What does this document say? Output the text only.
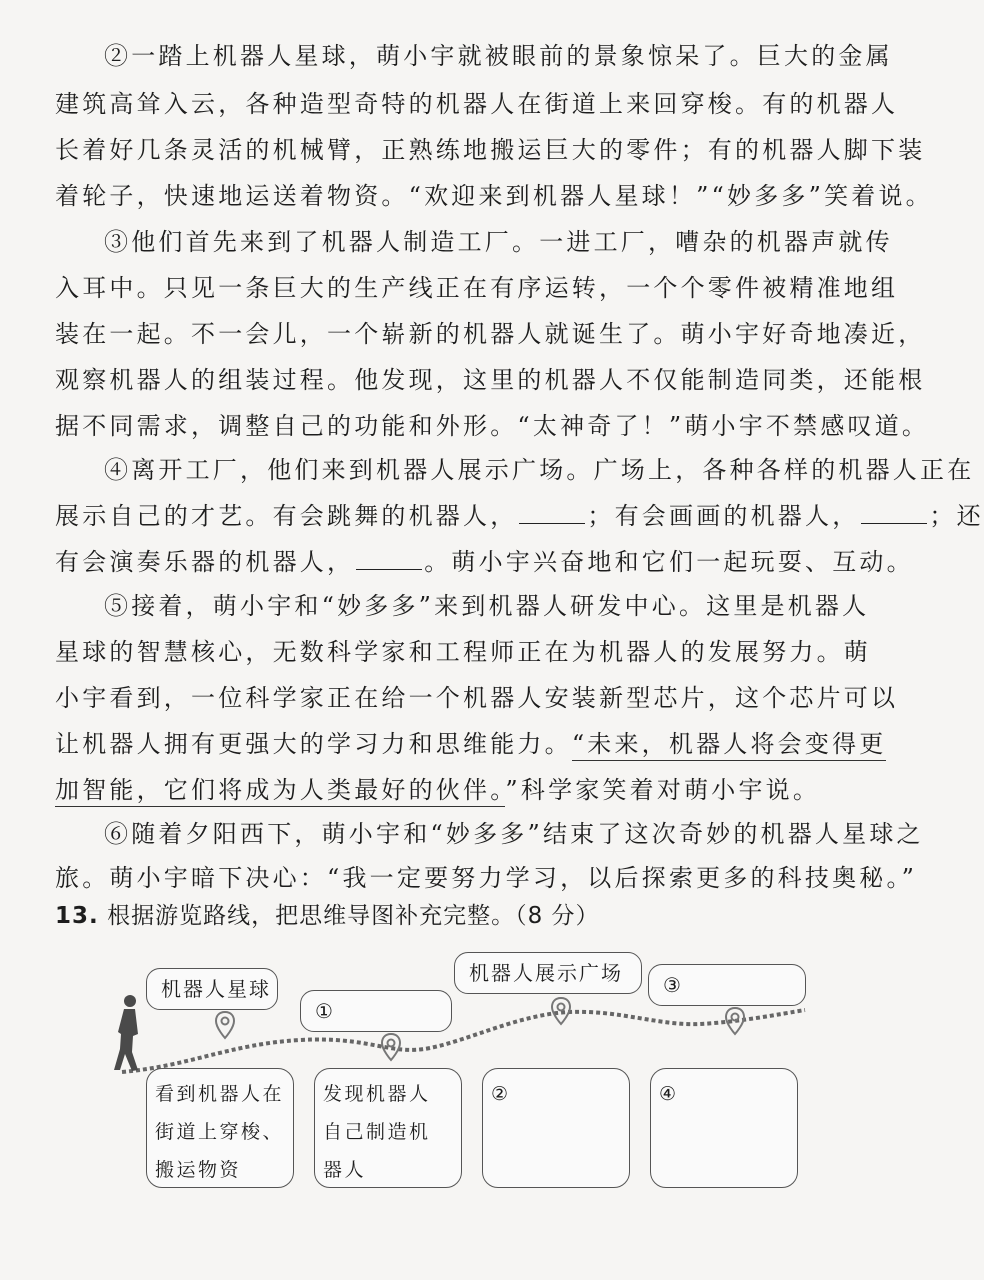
②一踏上机器人星球，萌小宇就被眼前的景象惊呆了。巨大的金属
建筑高耸入云，各种造型奇特的机器人在街道上来回穿梭。有的机器人
长着好几条灵活的机械臂，正熟练地搬运巨大的零件；有的机器人脚下装
着轮子，快速地运送着物资。“欢迎来到机器人星球！”“妙多多”笑着说。
③他们首先来到了机器人制造工厂。一进工厂，嘈杂的机器声就传
入耳中。只见一条巨大的生产线正在有序运转，一个个零件被精准地组
装在一起。不一会儿，一个崭新的机器人就诞生了。萌小宇好奇地凑近，
观察机器人的组装过程。他发现，这里的机器人不仅能制造同类，还能根
据不同需求，调整自己的功能和外形。“太神奇了！”萌小宇不禁感叹道。
④离开工厂，他们来到机器人展示广场。广场上，各种各样的机器人正在
展示自己的才艺。有会跳舞的机器人，	；有会画画的机器人，	；还
有会演奏乐器的机器人，	。萌小宇兴奋地和它们一起玩耍、互动。
⑤接着，萌小宇和“妙多多”来到机器人研发中心。这里是机器人
星球的智慧核心，无数科学家和工程师正在为机器人的发展努力。萌
小宇看到，一位科学家正在给一个机器人安装新型芯片，这个芯片可以
让机器人拥有更强大的学习力和思维能力。“未来，机器人将会变得更
加智能，它们将成为人类最好的伙伴。”科学家笑着对萌小宇说。
⑥随着夕阳西下，萌小宇和“妙多多”结束了这次奇妙的机器人星球之
旅。萌小宇暗下决心：“我一定要努力学习，以后探索更多的科技奥秘。”
13. 根据游览路线，把思维导图补充完整。（8 分）
机器人星球
①
机器人展示广场	③
看到机器人在
街道上穿梭、
搬运物资
发现机器人
自己制造机
器人
②	④
